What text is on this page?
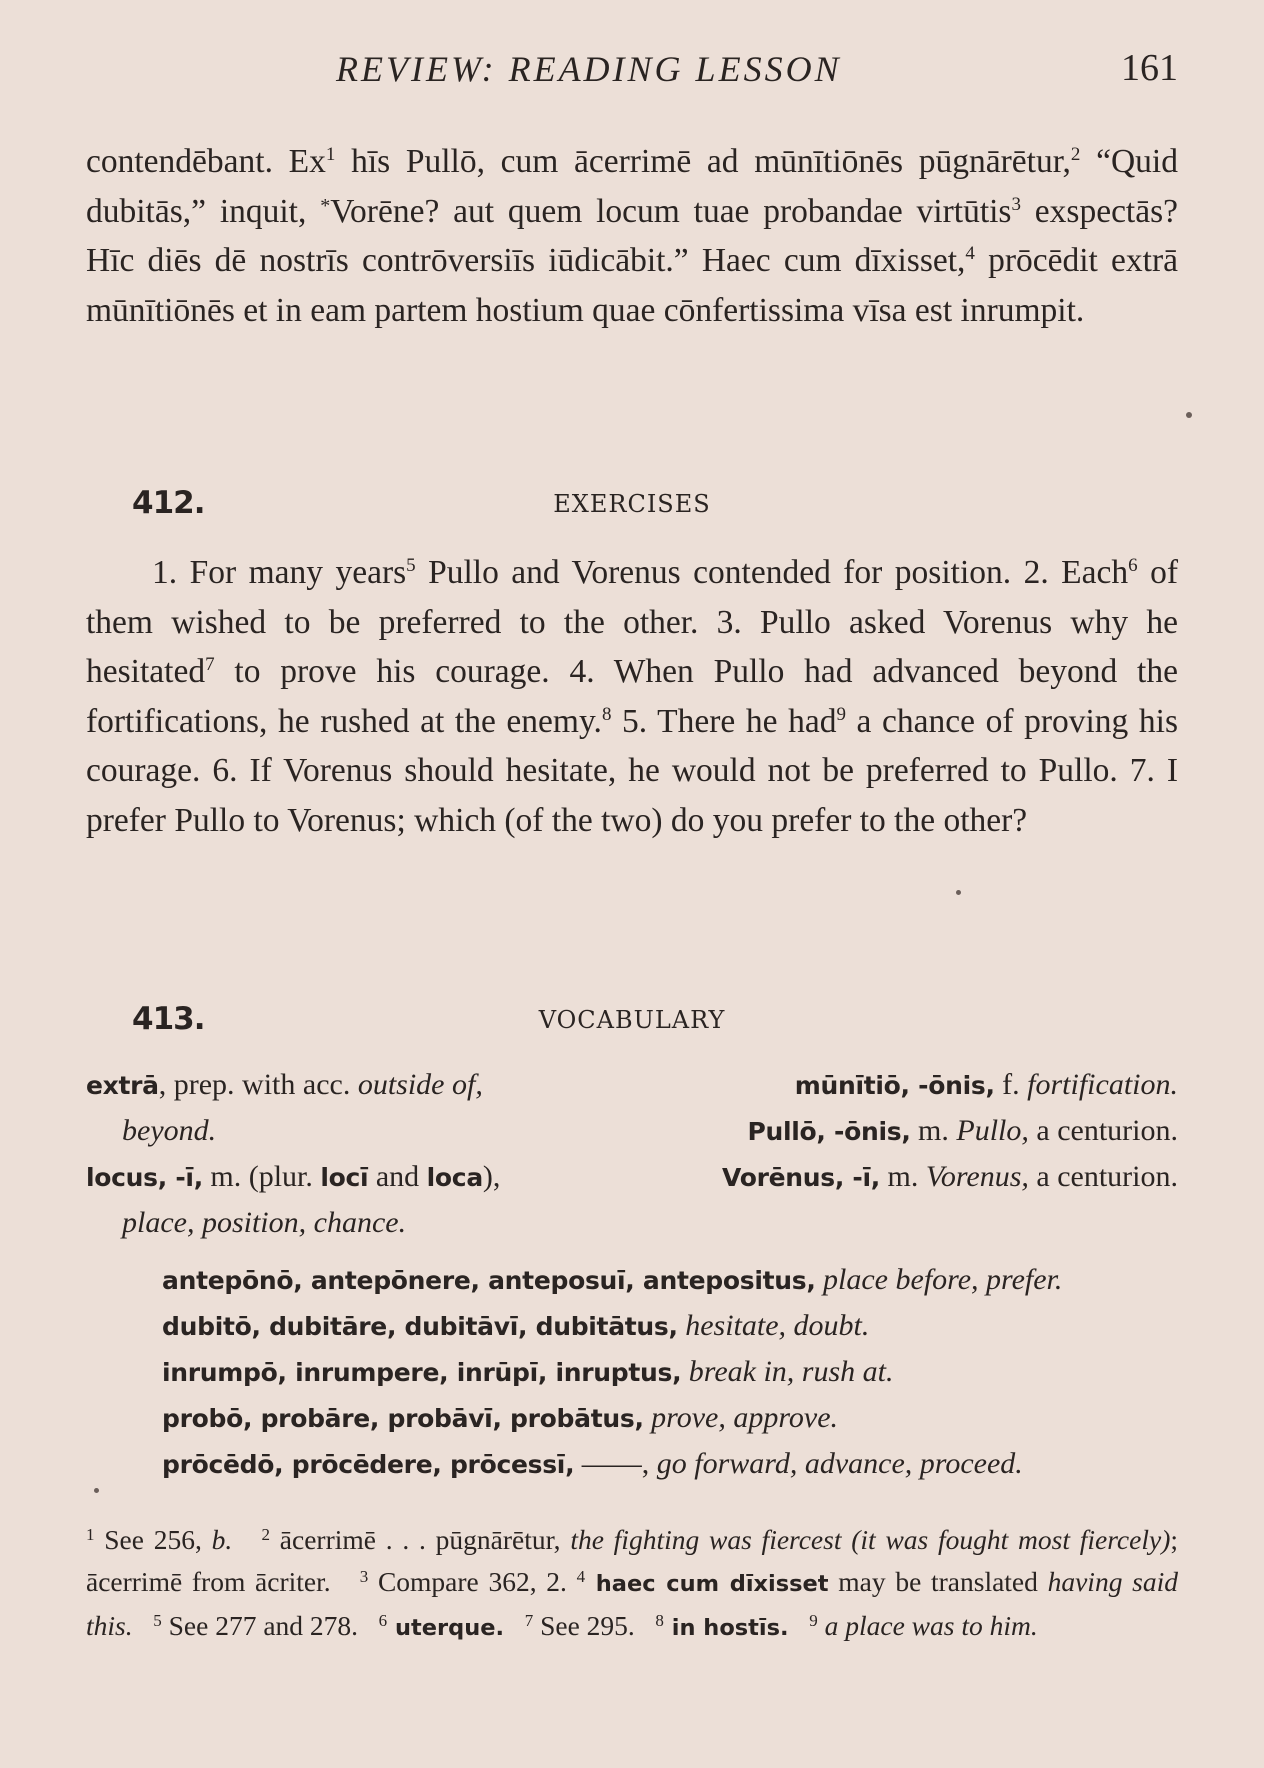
REVIEW: READING LESSON	161

contendēbant. Ex$^1$ hīs Pullō, cum ācerrimē ad mūnītiōnēs pūgnārētur,$^2$ “Quid dubitās,” inquit, *Vorēne? aut quem locum tuae probandae virtūtis$^3$ exspectās? Hīc diēs dē nostrīs contrōversiīs iūdicābit.” Haec cum dīxisset,$^4$ prōcēdit extrā mūnītiōnēs et in eam partem hostium quae cōnfertissima vīsa est inrumpit.

412.	EXERCISES

1. For many years$^5$ Pullo and Vorenus contended for position. 2. Each$^6$ of them wished to be preferred to the other. 3. Pullo asked Vorenus why he hesitated$^7$ to prove his courage. 4. When Pullo had advanced beyond the fortifications, he rushed at the enemy.$^8$ 5. There he had$^9$ a chance of proving his courage. 6. If Vorenus should hesitate, he would not be preferred to Pullo. 7. I prefer Pullo to Vorenus; which (of the two) do you prefer to the other?

413.	VOCABULARY
extrā, prep. with acc. outside of,	mūnītiō, -ōnis, f. fortification.
beyond.	Pullō, -ōnis, m. Pullo, a centurion.
locus, -ī, m. (plur. locī and loca),	Vorēnus, -ī, m. Vorenus, a centurion.
place, position, chance.
antepōnō, antepōnere, anteposuī, antepositus, place before, prefer.
dubitō, dubitāre, dubitāvī, dubitātus, hesitate, doubt.
inrumpō, inrumpere, inrūpī, inruptus, break in, rush at.
probō, probāre, probāvī, probātus, prove, approve.
prōcēdō, prōcēdere, prōcessī, ——, go forward, advance, proceed.

$^1$ See 256, b. $^2$ ācerrimē . . . pūgnārētur, the fighting was fiercest (it was fought most fiercely); ācerrimē from ācriter. $^3$ Compare 362, 2. $^4$ haec cum dīxisset may be translated having said this. $^5$ See 277 and 278. $^6$ uterque. $^7$ See 295. $^8$ in hostīs. $^9$ a place was to him.
